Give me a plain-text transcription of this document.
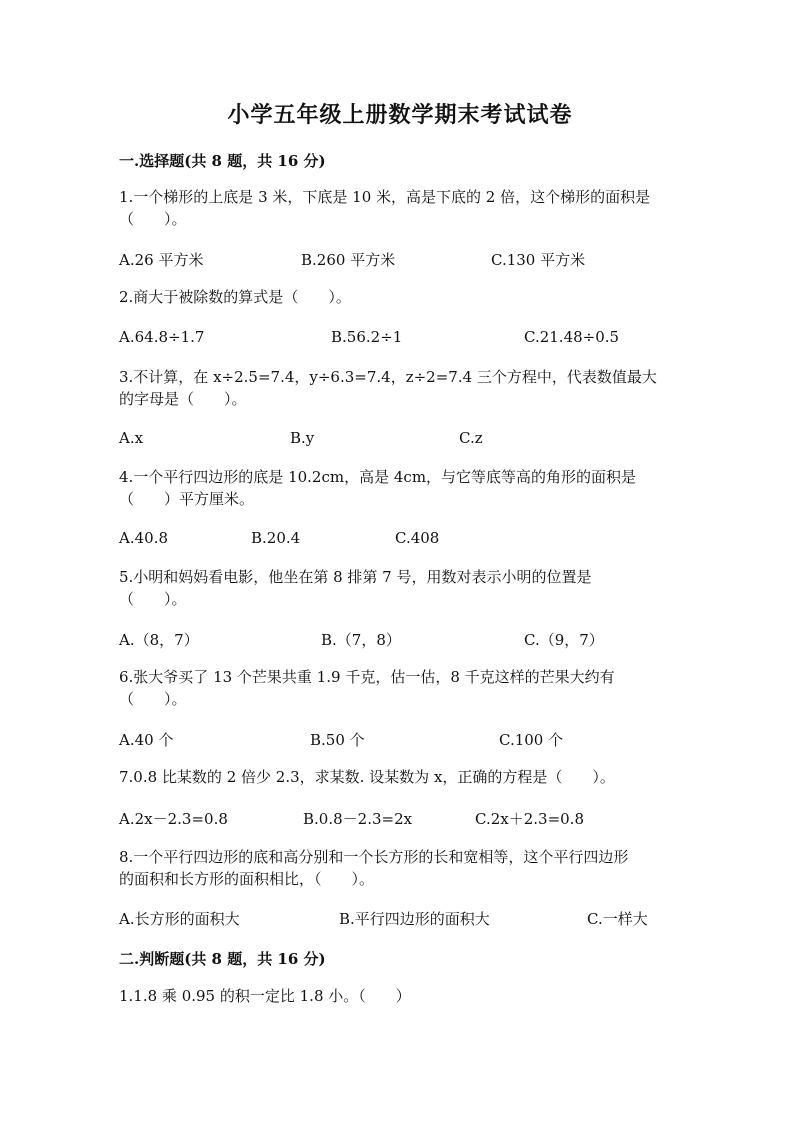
小学五年级上册数学期末考试试卷
一.选择题(共 8 题，共 16 分)
1.一个梯形的上底是 3 米，下底是 10 米，高是下底的 2 倍，这个梯形的面积是
（　　）。
A.26 平方米	B.260 平方米	C.130 平方米
2.商大于被除数的算式是（　　）。
A.64.8÷1.7	B.56.2÷1	C.21.48÷0.5
3.不计算，在 x÷2.5=7.4，y÷6.3=7.4，z÷2=7.4 三个方程中，代表数值最大
的字母是（　　）。
A.x	B.y	C.z
4.一个平行四边形的底是 10.2cm，高是 4cm，与它等底等高的角形的面积是
（　　）平方厘米。
A.40.8	B.20.4	C.408
5.小明和妈妈看电影，他坐在第 8 排第 7 号，用数对表示小明的位置是
（　　）。
A.（8，7）	B.（7，8）	C.（9，7）
6.张大爷买了 13 个芒果共重 1.9 千克，估一估，8 千克这样的芒果大约有
（　　）。
A.40 个	B.50 个	C.100 个
7.0.8 比某数的 2 倍少 2.3，求某数. 设某数为 x，正确的方程是（　　）。
A.2x－2.3=0.8	B.0.8－2.3=2x	C.2x＋2.3=0.8
8.一个平行四边形的底和高分别和一个长方形的长和宽相等，这个平行四边形
的面积和长方形的面积相比，（　　）。
A.长方形的面积大	B.平行四边形的面积大	C.一样大
二.判断题(共 8 题，共 16 分)
1.1.8 乘 0.95 的积一定比 1.8 小。（　　）
